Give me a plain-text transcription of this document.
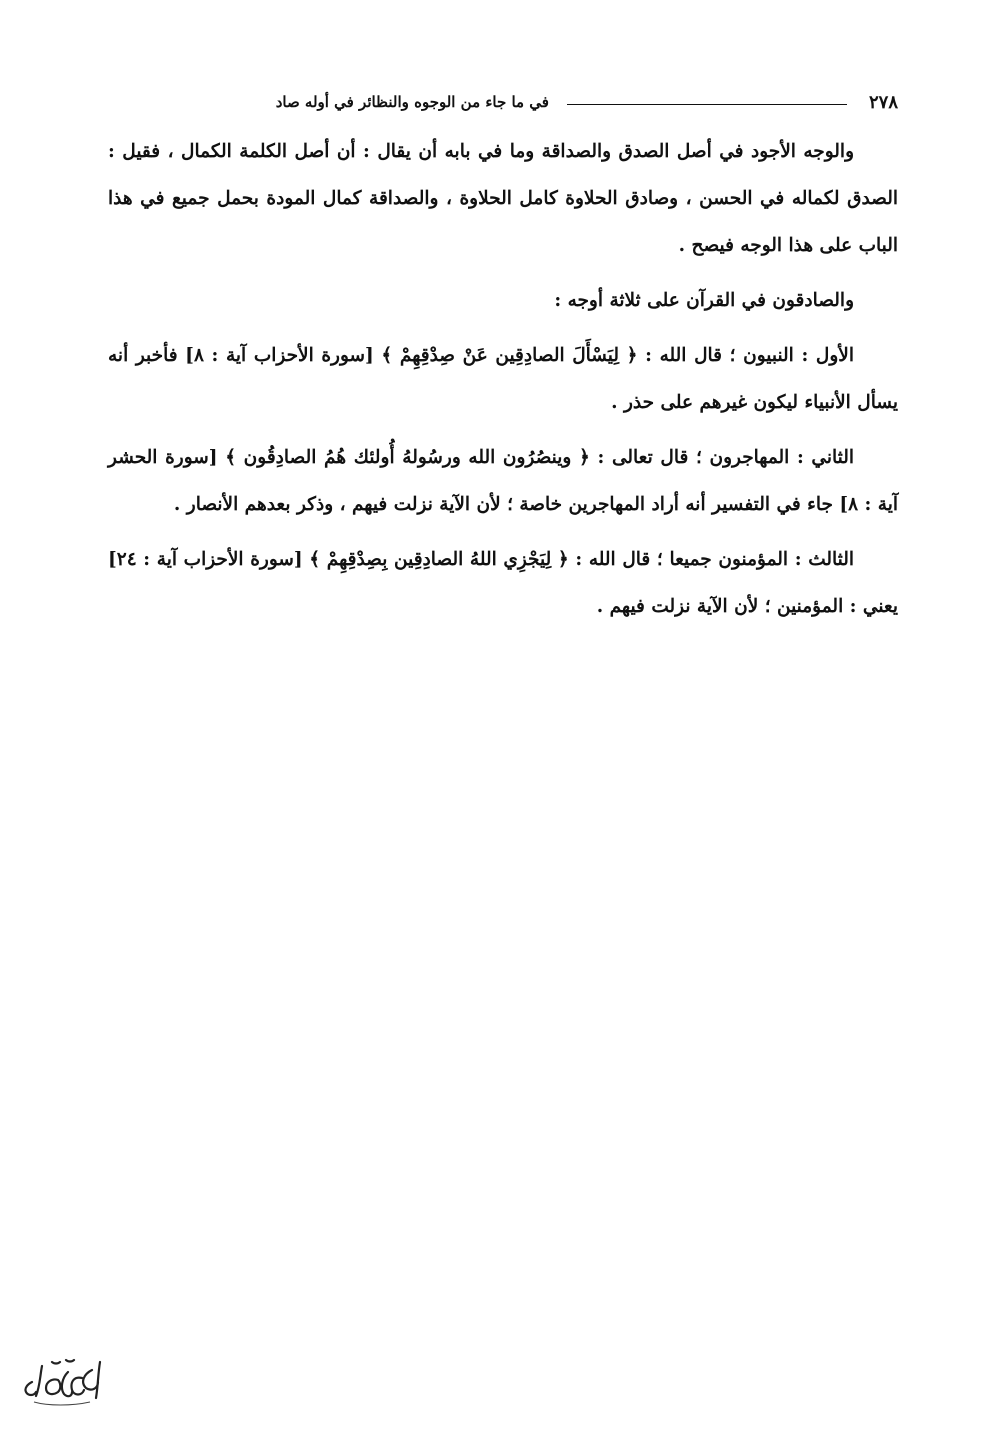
٢٧٨
في ما جاء من الوجوه والنظائر في أوله صاد

والوجه الأجود في أصل الصدق والصداقة وما في بابه أن يقال : أن أصل الكلمة الكمال ، فقيل : الصدق لكماله في الحسن ، وصادق الحلاوة كامل الحلاوة ، والصداقة كمال المودة بحمل جميع في هذا الباب على هذا الوجه فيصح .

والصادقون في القرآن على ثلاثة أوجه :

الأول : النبيون ؛ قال الله : ﴿ لِيَسْأَلَ الصادِقِين عَنْ صِدْقِهِمْ ﴾ [سورة الأحزاب آية : ٨] فأخبر أنه يسأل الأنبياء ليكون غيرهم على حذر .

الثاني : المهاجرون ؛ قال تعالى : ﴿ وينصُرُون الله ورسُولهُ أُولئك هُمُ الصادِقُون ﴾ [سورة الحشر آية : ٨] جاء في التفسير أنه أراد المهاجرين خاصة ؛ لأن الآية نزلت فيهم ، وذكر بعدهم الأنصار .

الثالث : المؤمنون جميعا ؛ قال الله : ﴿ لِيَجْزِي اللهُ الصادِقِين بِصِدْقِهِمْ ﴾ [سورة الأحزاب آية : ٢٤] يعني : المؤمنين ؛ لأن الآية نزلت فيهم .
